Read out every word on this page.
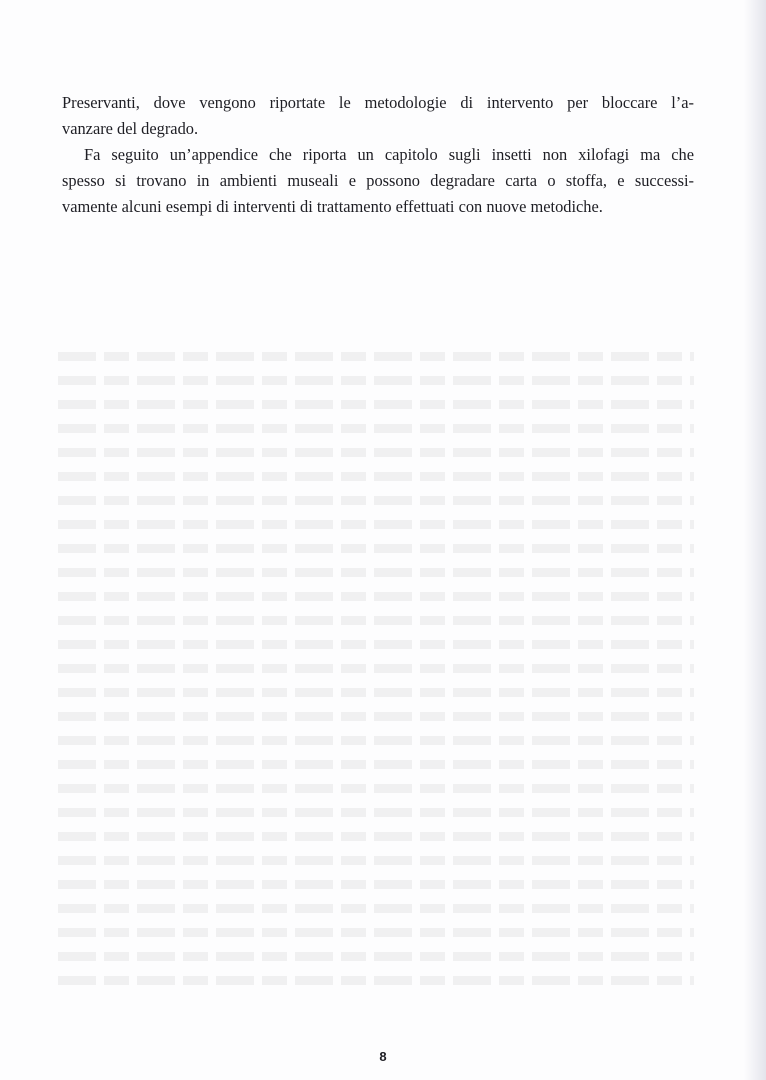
Preservanti, dove vengono riportate le metodologie di intervento per bloccare l’a-
vanzare del degrado.

Fa seguito un’appendice che riporta un capitolo sugli insetti non xilofagi ma che
spesso si trovano in ambienti museali e possono degradare carta o stoffa, e successi-
vamente alcuni esempi di interventi di trattamento effettuati con nuove metodiche.

8
